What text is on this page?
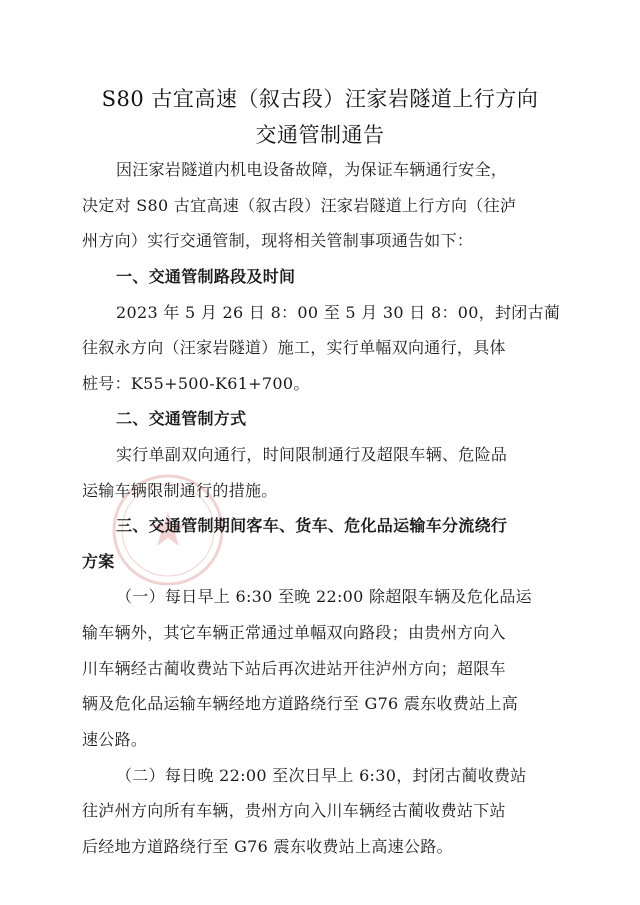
S80 古宜高速（叙古段）汪家岩隧道上行方向
交通管制通告
因汪家岩隧道内机电设备故障，为保证车辆通行安全，
决定对 S80 古宜高速（叙古段）汪家岩隧道上行方向（往泸
州方向）实行交通管制，现将相关管制事项通告如下：
一、交通管制路段及时间
2023 年 5 月 26 日 8：00 至 5 月 30 日 8：00，封闭古蔺
往叙永方向（汪家岩隧道）施工，实行单幅双向通行，具体
桩号：K55+500-K61+700。
二、交通管制方式
实行单副双向通行，时间限制通行及超限车辆、危险品
运输车辆限制通行的措施。
三、交通管制期间客车、货车、危化品运输车分流绕行
方案
（一）每日早上 6:30 至晚 22:00 除超限车辆及危化品运
输车辆外，其它车辆正常通过单幅双向路段；由贵州方向入
川车辆经古蔺收费站下站后再次进站开往泸州方向；超限车
辆及危化品运输车辆经地方道路绕行至 G76 震东收费站上高
速公路。
（二）每日晚 22:00 至次日早上 6:30，封闭古蔺收费站
往泸州方向所有车辆，贵州方向入川车辆经古蔺收费站下站
后经地方道路绕行至 G76 震东收费站上高速公路。
